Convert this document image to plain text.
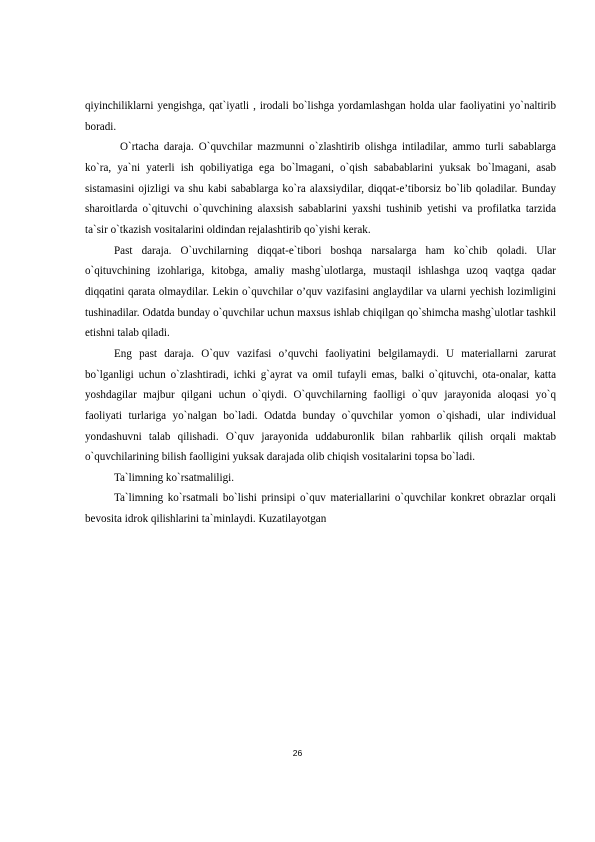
qiyinchiliklarni yengishga, qat`iyatli , irodali bo`lishga yordamlashgan holda ular faoliyatini yo`naltirib boradi.

O`rtacha daraja. O`quvchilar mazmunni o`zlashtirib olishga intiladilar, ammo turli sabablarga ko`ra, ya`ni yaterli ish qobiliyatiga ega bo`lmagani, o`qish sababablarini yuksak bo`lmagani, asab sistamasini ojizligi va shu kabi sabablarga ko`ra alaxsiydilar, diqqat-e’tiborsiz bo`lib qoladilar. Bunday sharoitlarda o`qituvchi o`quvchining alaxsish sabablarini yaxshi tushinib yetishi va profilatka tarzida ta`sir o`tkazish vositalarini oldindan rejalashtirib qo`yishi kerak.

Past daraja. O`uvchilarning diqqat-e`tibori boshqa narsalarga ham ko`chib qoladi. Ular o`qituvchining izohlariga, kitobga, amaliy mashg`ulotlarga, mustaqil ishlashga uzoq vaqtga qadar diqqatini qarata olmaydilar. Lekin o`quvchilar o’quv vazifasini anglaydilar va ularni yechish lozimligini tushinadilar. Odatda bunday o`quvchilar uchun maxsus ishlab chiqilgan qo`shimcha mashg`ulotlar tashkil etishni talab qiladi.

Eng past daraja. O`quv vazifasi o’quvchi faoliyatini belgilamaydi. U materiallarni zarurat bo`lganligi uchun o`zlashtiradi, ichki g`ayrat va omil tufayli emas, balki o`qituvchi, ota-onalar, katta yoshdagilar majbur qilgani uchun o`qiydi. O`quvchilarning faolligi o`quv jarayonida aloqasi yo`q faoliyati turlariga yo`nalgan bo`ladi. Odatda bunday o`quvchilar yomon o`qishadi, ular individual yondashuvni talab qilishadi. O`quv jarayonida uddaburonlik bilan rahbarlik qilish orqali maktab o`quvchilarining bilish faolligini yuksak darajada olib chiqish vositalarini topsa bo`ladi.

Ta`limning ko`rsatmaliligi.

Ta`limning ko`rsatmali bo`lishi prinsipi o`quv materiallarini o`quvchilar konkret obrazlar orqali bevosita idrok qilishlarini ta`minlaydi. Kuzatilayotgan

26
